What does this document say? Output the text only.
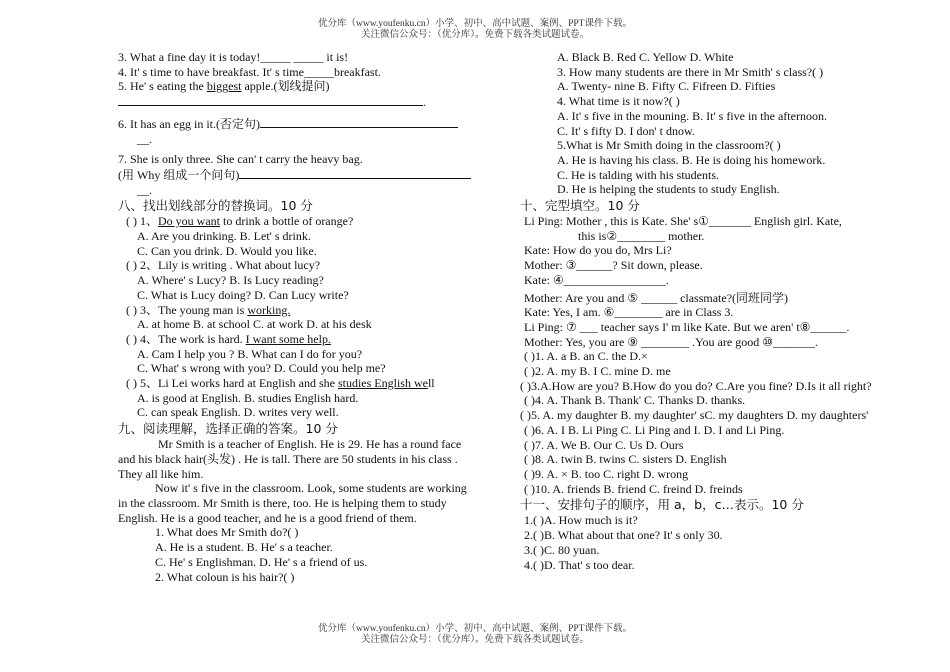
优分库（www.youfenku.cn）小学、初中、高中试题、案例、PPT课件下载。
关注微信公众号：（优分库）。免费下载各类试题试卷。
3. What a fine day it is today!_____ _____ it is!
4. It' s time to have breakfast. It' s time_____breakfast.
5. He' s eating the biggest apple.(划线提问)
.
6. It has an egg in it.(否定句)
__.
7. She is only three. She can' t carry the heavy bag.
(用 Why 组成一个问句)
__.
八、找出划线部分的替换词。10 分
( ) 1、Do you want to drink a bottle of orange?
A. Are you drinking. B. Let' s drink.
C. Can you drink. D. Would you like.
( ) 2、Lily is writing . What about lucy?
A. Where' s Lucy? B. Is Lucy reading?
C. What is Lucy doing? D. Can Lucy write?
( ) 3、The young man is working.
A. at home B. at school C. at work D. at his desk
( ) 4、The work is hard. I want some help.
A. Cam I help you ? B. What can I do for you?
C. What' s wrong with you? D. Could you help me?
( ) 5、Li Lei works hard at English and she studies English well
A. is good at English. B. studies English hard.
C. can speak English. D. writes very well.
九、阅读理解，选择正确的答案。10 分
Mr Smith is a teacher of English. He is 29. He has a round face and his black hair(头发) . He is tall. There are 50 students in his class . They all like him.
Now it' s five in the classroom. Look, some students are working in the classroom. Mr Smith is there, too. He is helping them to study English. He is a good teacher, and he is a good friend of them.
1. What does Mr Smith do?( )
A. He is a student. B. He' s a teacher.
C. He' s Englishman. D. He' s a friend of us.
2. What coloun is his hair?( )
A. Black B. Red C. Yellow D. White
3. How many students are there in Mr Smith' s class?( )
A. Twenty- nine B. Fifty C. Fifreen D. Fifties
4. What time is it now?( )
A. It' s five in the mouning. B. It' s five in the afternoon.
C. It' s fifty D. I don' t dnow.
5.What is Mr Smith doing in the classroom?( )
A. He is having his class. B. He is doing his homework.
C. He is talding with his students.
D. He is helping the students to study English.
十、完型填空。10 分
Li Ping: Mother , this is Kate. She' s①_______ English girl. Kate,
this is②________ mother.
Kate: How do you do, Mrs Li?
Mother: ③______? Sit down, please.
Kate: ④_________________.
Mother: Are you and ⑤ ______ classmate?(同班同学)
Kate: Yes, I am. ⑥________ are in Class 3.
Li Ping: ⑦ ___ teacher says I' m like Kate. But we aren' t⑧______.
Mother: Yes, you are ⑨ ________ .You are good ⑩_______.
( )1. A. a B. an C. the D.×
( )2. A. my B. I C. mine D. me
( )3.A.How are you? B.How do you do? C.Are you fine? D.Is it all right?
( )4. A. Thank B. Thank' C. Thanks D. thanks.
( )5. A. my daughter B. my daughter' sC. my daughters D. my daughters'
( )6. A. I B. Li Ping C. Li Ping and I. D. I and Li Ping.
( )7. A. We B. Our C. Us D. Ours
( )8. A. twin B. twins C. sisters D. English
( )9. A. × B. too C. right D. wrong
( )10. A. friends B. friend C. freind D. freinds
十一、安排句子的顺序，用 a，b，c…表示。10 分
1.( )A. How much is it?
2.( )B. What about that one? It' s only 30.
3.( )C. 80 yuan.
4.( )D. That' s too dear.
优分库（www.youfenku.cn）小学、初中、高中试题、案例、PPT课件下载。
关注微信公众号：（优分库）。免费下载各类试题试卷。
